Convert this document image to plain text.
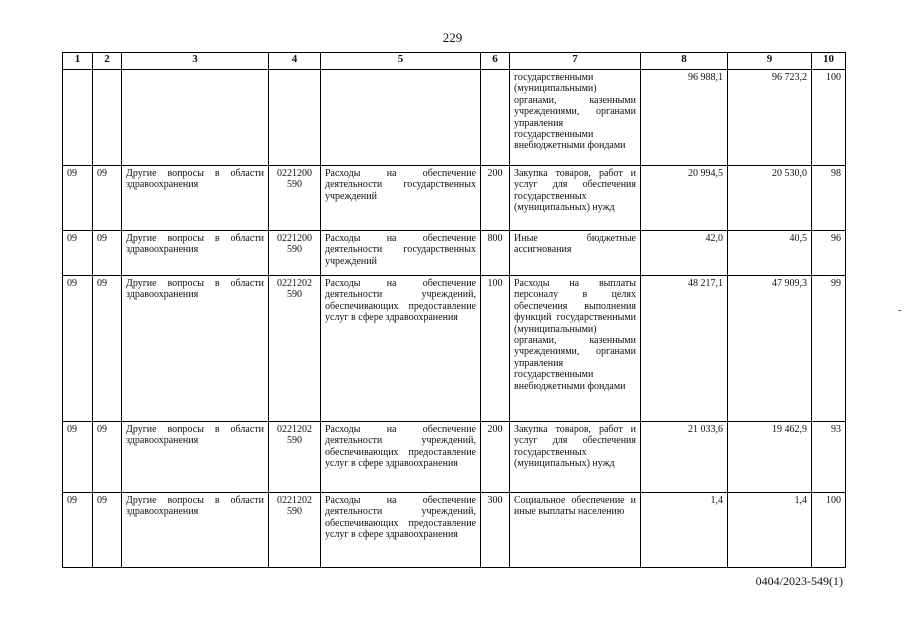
229
1	2	3	4	5	6	7	8	9	10
						государственными (муниципальными) органами, казенными учреждениями, органами управления государственными внебюджетными фондами	96 988,1	96 723,2	100
09	09	Другие вопросы в области здравоохранения	0221200 590	Расходы на обеспечение деятельности государственных учреждений	200	Закупка товаров, работ и услуг для обеспечения государственных (муниципальных) нужд	20 994,5	20 530,0	98
09	09	Другие вопросы в области здравоохранения	0221200 590	Расходы на обеспечение деятельности государственных учреждений	800	Иные бюджетные ассигнования	42,0	40,5	96
09	09	Другие вопросы в области здравоохранения	0221202 590	Расходы на обеспечение деятельности учреждений, обеспечивающих предоставление услуг в сфере здравоохранения	100	Расходы на выплаты персоналу в целях обеспечения выполнения функций государственными (муниципальными) органами, казенными учреждениями, органами управления государственными внебюджетными фондами	48 217,1	47 909,3	99
09	09	Другие вопросы в области здравоохранения	0221202 590	Расходы на обеспечение деятельности учреждений, обеспечивающих предоставление услуг в сфере здравоохранения	200	Закупка товаров, работ и услуг для обеспечения государственных (муниципальных) нужд	21 033,6	19 462,9	93
09	09	Другие вопросы в области здравоохранения	0221202 590	Расходы на обеспечение деятельности учреждений, обеспечивающих предоставление услуг в сфере здравоохранения	300	Социальное обеспечение и иные выплаты населению	1,4	1,4	100
0404/2023-549(1)
